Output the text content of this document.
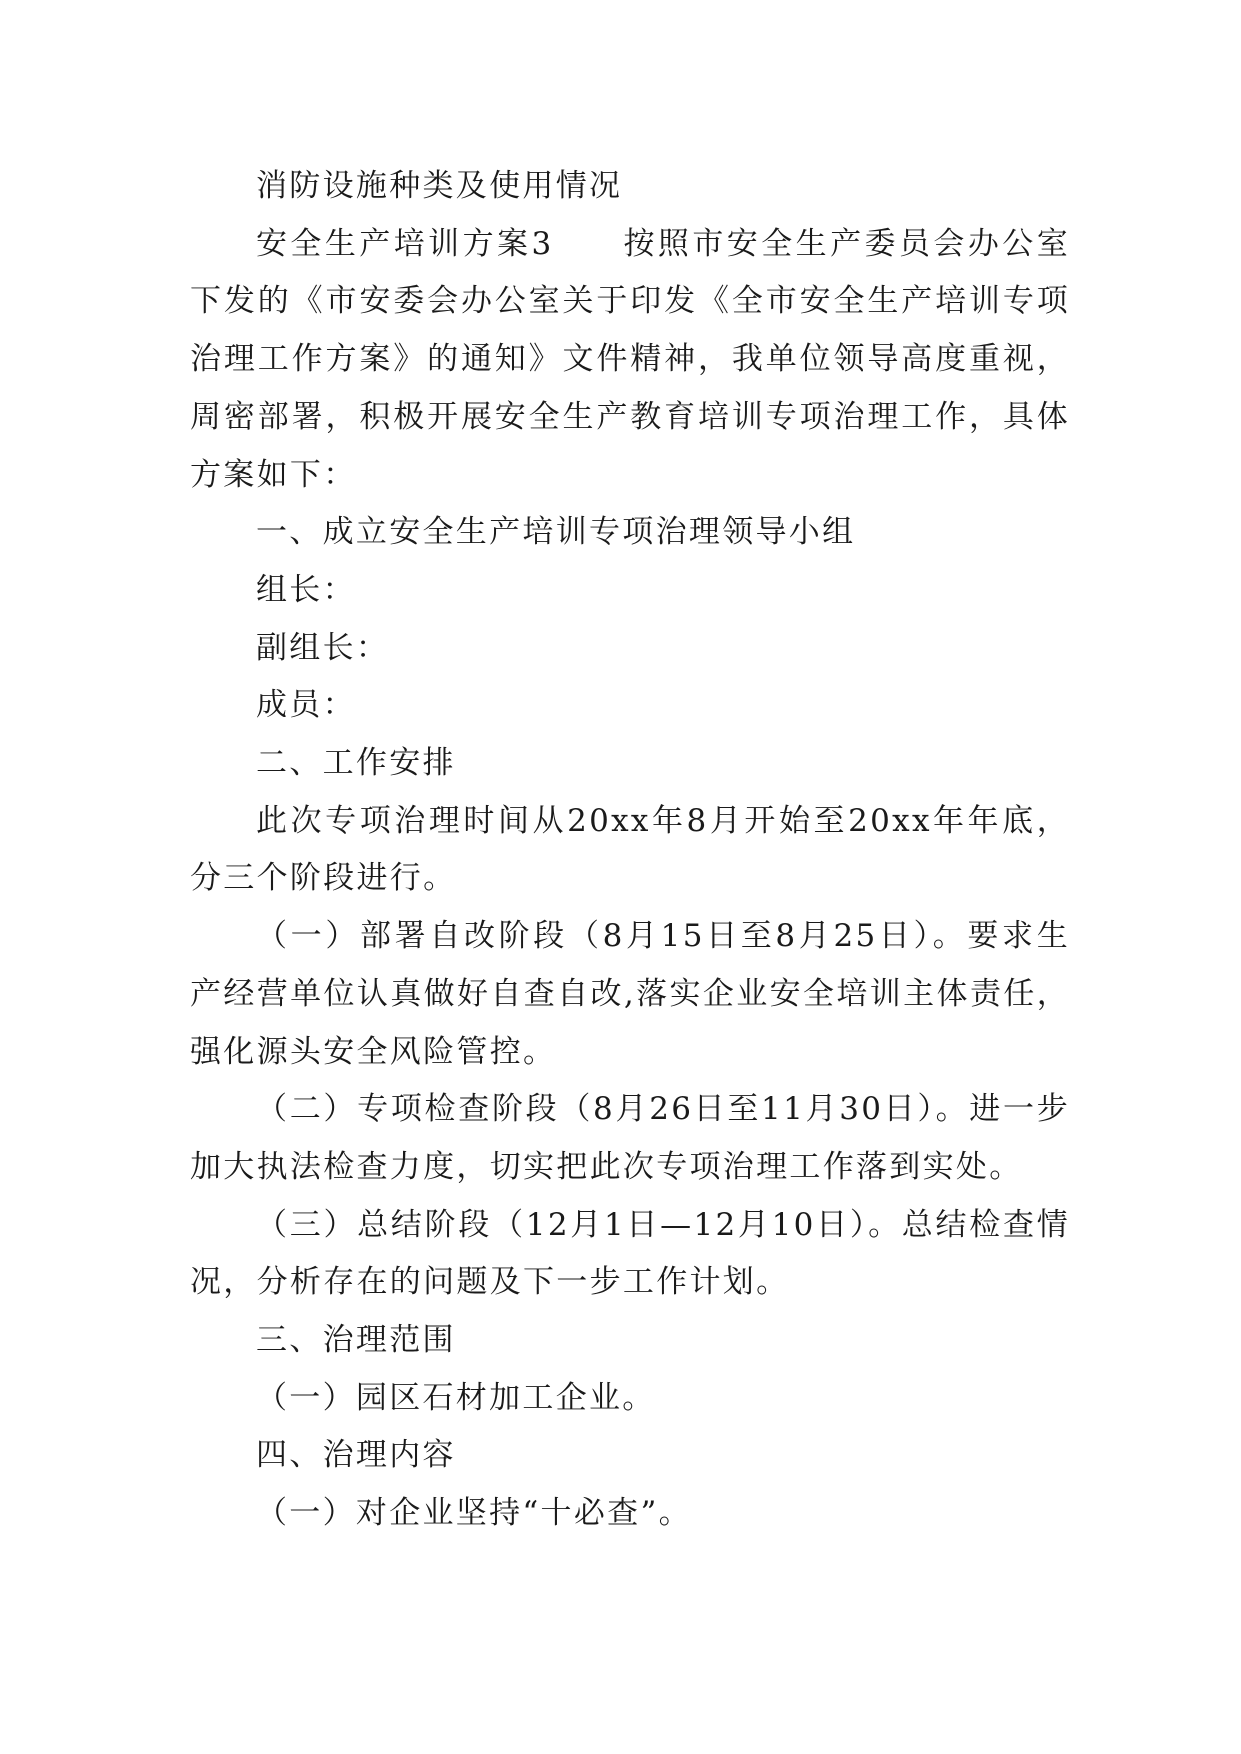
消防设施种类及使用情况

安全生产培训方案3　　按照市安全生产委员会办公室下发的《市安委会办公室关于印发《全市安全生产培训专项治理工作方案》的通知》文件精神，我单位领导高度重视，周密部署，积极开展安全生产教育培训专项治理工作，具体方案如下：

一、成立安全生产培训专项治理领导小组

组长：

副组长：

成员：

二、工作安排

此次专项治理时间从20xx年8月开始至20xx年年底，分三个阶段进行。

（一）部署自改阶段（8月15日至8月25日）。要求生产经营单位认真做好自查自改,落实企业安全培训主体责任，强化源头安全风险管控。

（二）专项检查阶段（8月26日至11月30日）。进一步加大执法检查力度，切实把此次专项治理工作落到实处。

（三）总结阶段（12月1日—12月10日）。总结检查情况，分析存在的问题及下一步工作计划。

三、治理范围

（一）园区石材加工企业。

四、治理内容

（一）对企业坚持“十必查”。
